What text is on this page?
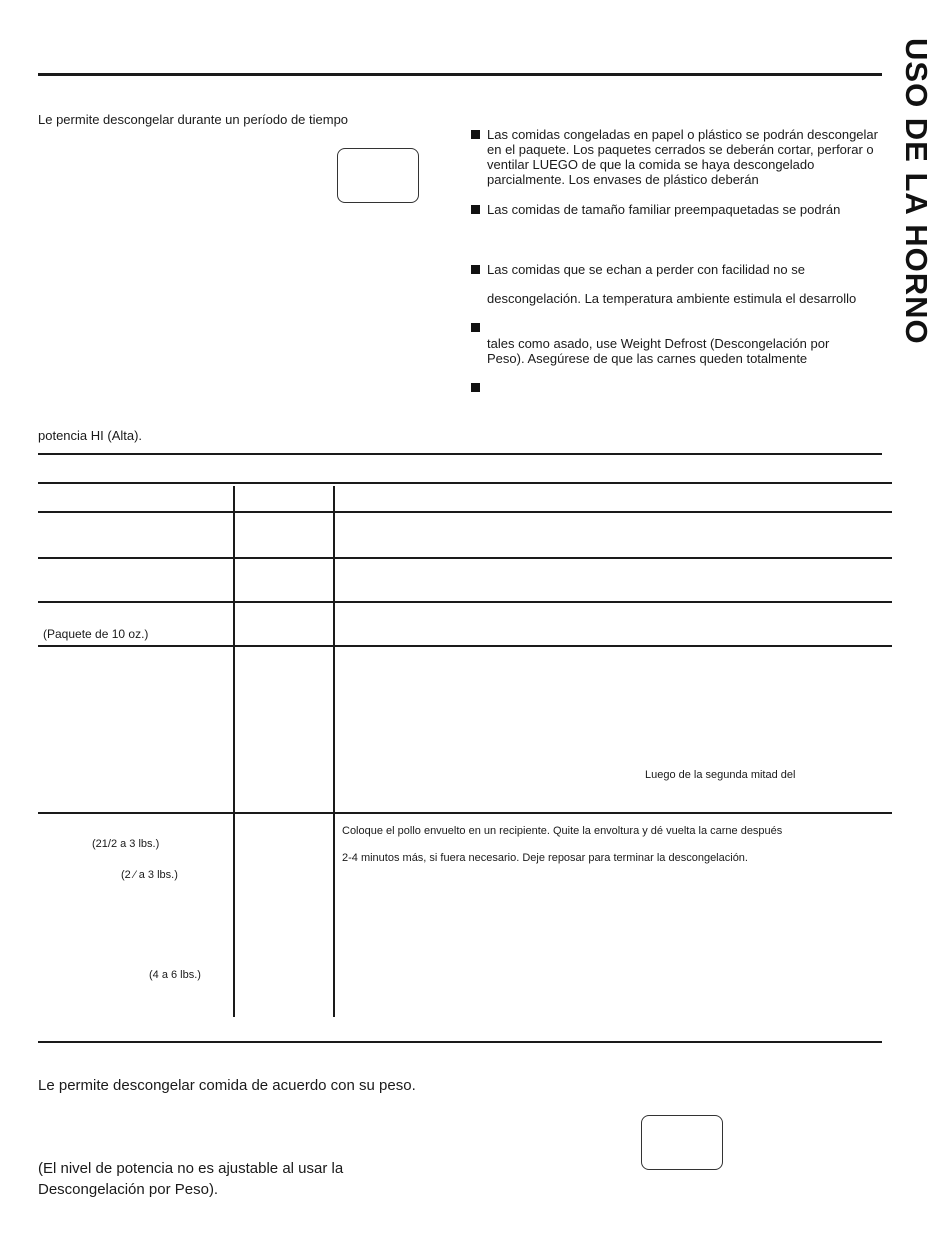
USO DE LA HORNO
Le permite descongelar durante un período de tiempo
Las comidas congeladas en papel o plástico se podrán descongelar en el paquete. Los paquetes cerrados se deberán cortar, perforar o ventilar LUEGO de que la comida se haya descongelado parcialmente. Los envases de plástico deberán
Las comidas de tamaño familiar preempaquetadas se podrán
Las comidas que se echan a perder con facilidad no se
descongelación. La temperatura ambiente estimula el desarrollo
tales como asado, use Weight Defrost (Descongelación por Peso). Asegúrese de que las carnes queden totalmente
potencia HI (Alta).
(Paquete de 10 oz.)
Luego de la segunda mitad del
(21/2 a 3 lbs.)
(2 ⁄ a 3 lbs.)
(4 a 6 lbs.)
Coloque el pollo envuelto en un recipiente. Quite la envoltura y dé vuelta la carne después
2-4 minutos más, si fuera necesario. Deje reposar para terminar la descongelación.
Le permite descongelar comida de acuerdo con su peso.
(El nivel de potencia no es ajustable al usar la
Descongelación por Peso).
